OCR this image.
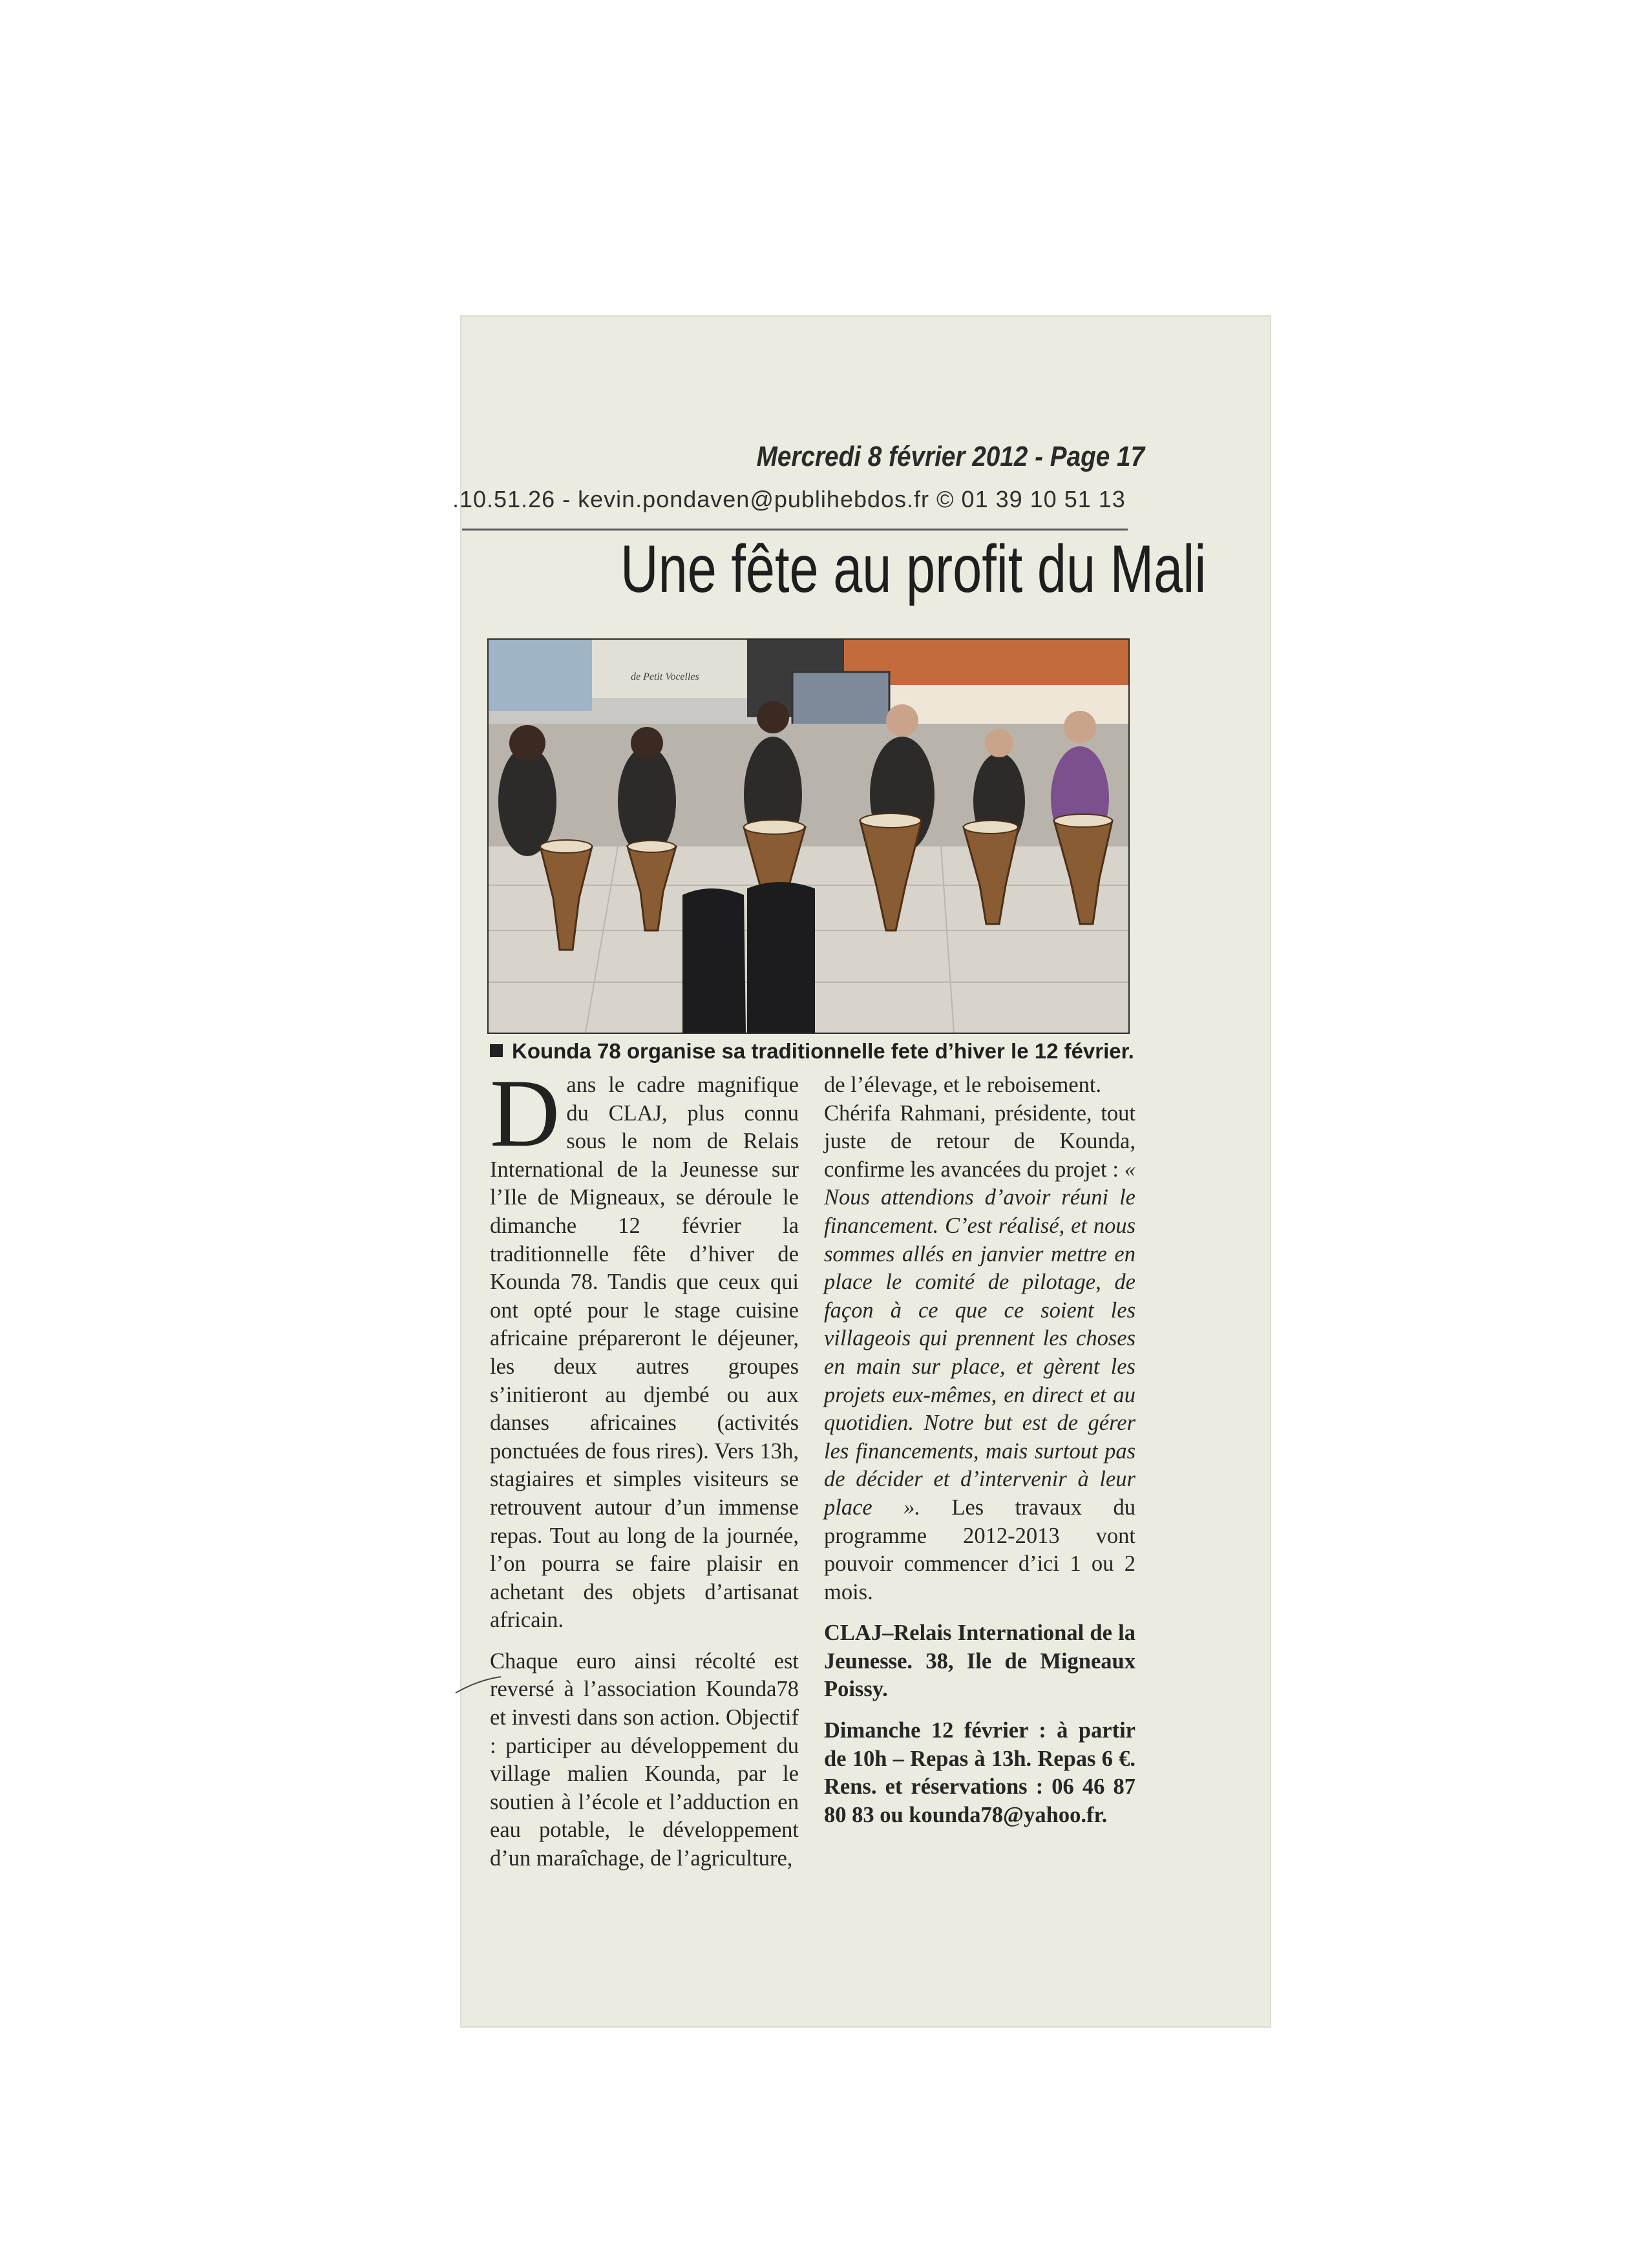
Mercredi 8 février 2012 - Page 17
.10.51.26 - kevin.pondaven@publihebdos.fr © 01 39 10 51 13
Une fête au profit du Mali
de Petit Vocelles
Kounda 78 organise sa traditionnelle fete d’hiver le 12 février.

Dans le cadre magnifique du CLAJ, plus connu sous le nom de Relais International de la Jeunesse sur l’Ile de Migneaux, se déroule le dimanche 12 février la traditionnelle fête d’hiver de Kounda 78. Tandis que ceux qui ont opté pour le stage cuisine africaine prépareront le déjeuner, les deux autres groupes s’initieront au djembé ou aux danses africaines (activités ponctuées de fous rires). Vers 13h, stagiaires et simples visiteurs se retrouvent autour d’un immense repas. Tout au long de la journée, l’on pourra se faire plaisir en achetant des objets d’artisanat africain.

Chaque euro ainsi récolté est reversé à l’association Kounda78 et investi dans son action. Objectif : participer au développement du village malien Kounda, par le soutien à l’école et l’adduction en eau potable, le développement d’un maraîchage, de l’agriculture,

de l’élevage, et le reboisement.

Chérifa Rahmani, présidente, tout juste de retour de Kounda, confirme les avancées du projet : « Nous attendions d’avoir réuni le financement. C’est réalisé, et nous sommes allés en janvier mettre en place le comité de pilotage, de façon à ce que ce soient les villageois qui prennent les choses en main sur place, et gèrent les projets eux-mêmes, en direct et au quotidien. Notre but est de gérer les financements, mais surtout pas de décider et d’intervenir à leur place ». Les travaux du programme 2012-2013 vont pouvoir commencer d’ici 1 ou 2 mois.

CLAJ–Relais International de la Jeunesse. 38, Ile de Migneaux Poissy.

Dimanche 12 février : à partir de 10h – Repas à 13h. Repas 6 €. Rens. et réservations : 06 46 87 80 83 ou kounda78@yahoo.fr.
